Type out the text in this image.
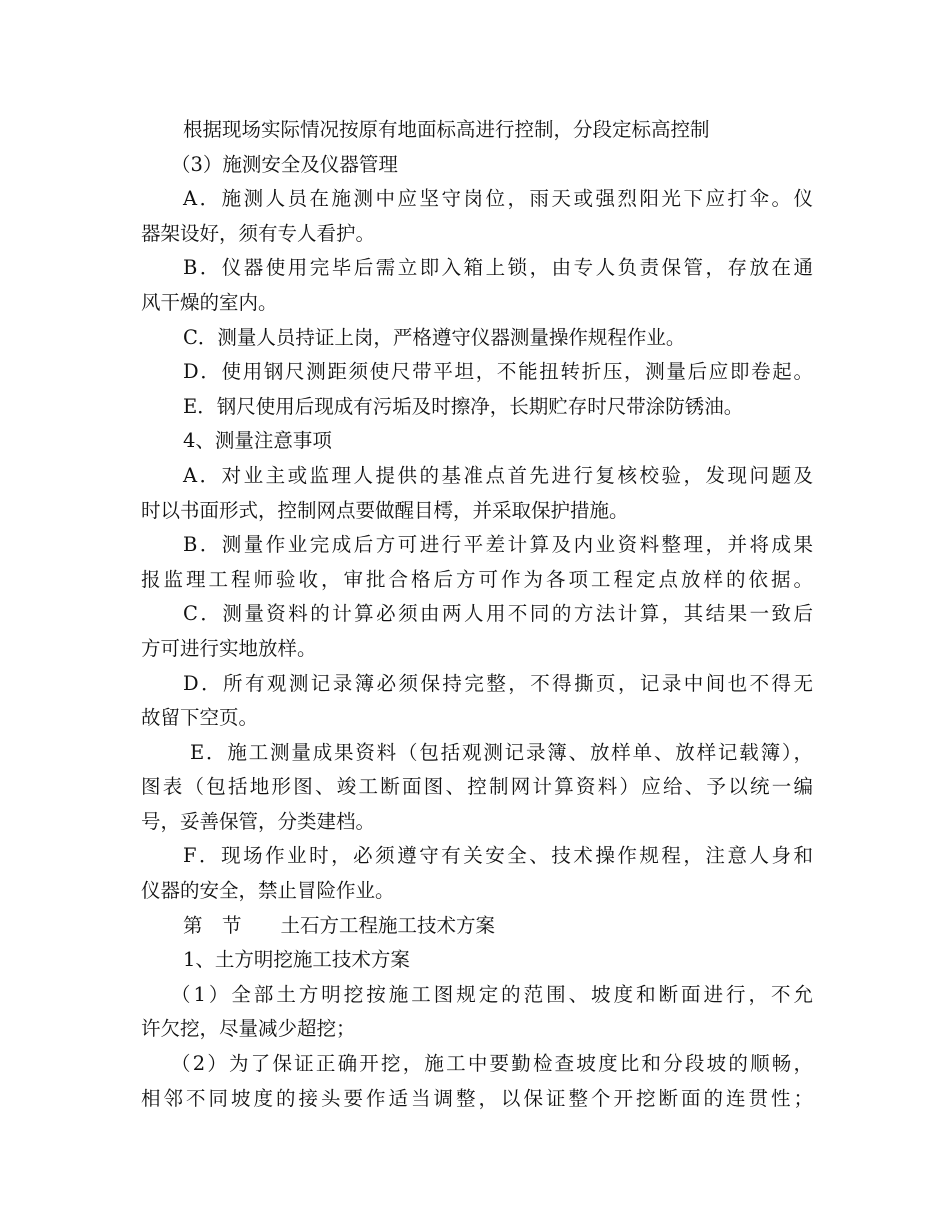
根据现场实际情况按原有地面标高进行控制，分段定标高控制
（3）施测安全及仪器管理
A．施测人员在施测中应坚守岗位，雨天或强烈阳光下应打伞。仪
器架设好，须有专人看护。
B．仪器使用完毕后需立即入箱上锁，由专人负责保管，存放在通
风干燥的室内。
C．测量人员持证上岗，严格遵守仪器测量操作规程作业。
D．使用钢尺测距须使尺带平坦，不能扭转折压，测量后应即卷起。
E．钢尺使用后现成有污垢及时擦净，长期贮存时尺带涂防锈油。
4、测量注意事项
A．对业主或监理人提供的基准点首先进行复核校验，发现问题及
时以书面形式，控制网点要做醒目樗，并采取保护措施。
B．测量作业完成后方可进行平差计算及内业资料整理，并将成果
报监理工程师验收，审批合格后方可作为各项工程定点放样的依据。
C．测量资料的计算必须由两人用不同的方法计算，其结果一致后
方可进行实地放样。
D．所有观测记录簿必须保持完整，不得撕页，记录中间也不得无
故留下空页。
E．施工测量成果资料（包括观测记录簿、放样单、放样记载簿），
图表（包括地形图、竣工断面图、控制网计算资料）应给、予以统一编
号，妥善保管，分类建档。
F．现场作业时，必须遵守有关安全、技术操作规程，注意人身和
仪器的安全，禁止冒险作业。
第　节　　土石方工程施工技术方案
1、土方明挖施工技术方案
（1）全部土方明挖按施工图规定的范围、坡度和断面进行，不允
许欠挖，尽量减少超挖；
（2）为了保证正确开挖，施工中要勤检查坡度比和分段坡的顺畅，
相邻不同坡度的接头要作适当调整，以保证整个开挖断面的连贯性；
